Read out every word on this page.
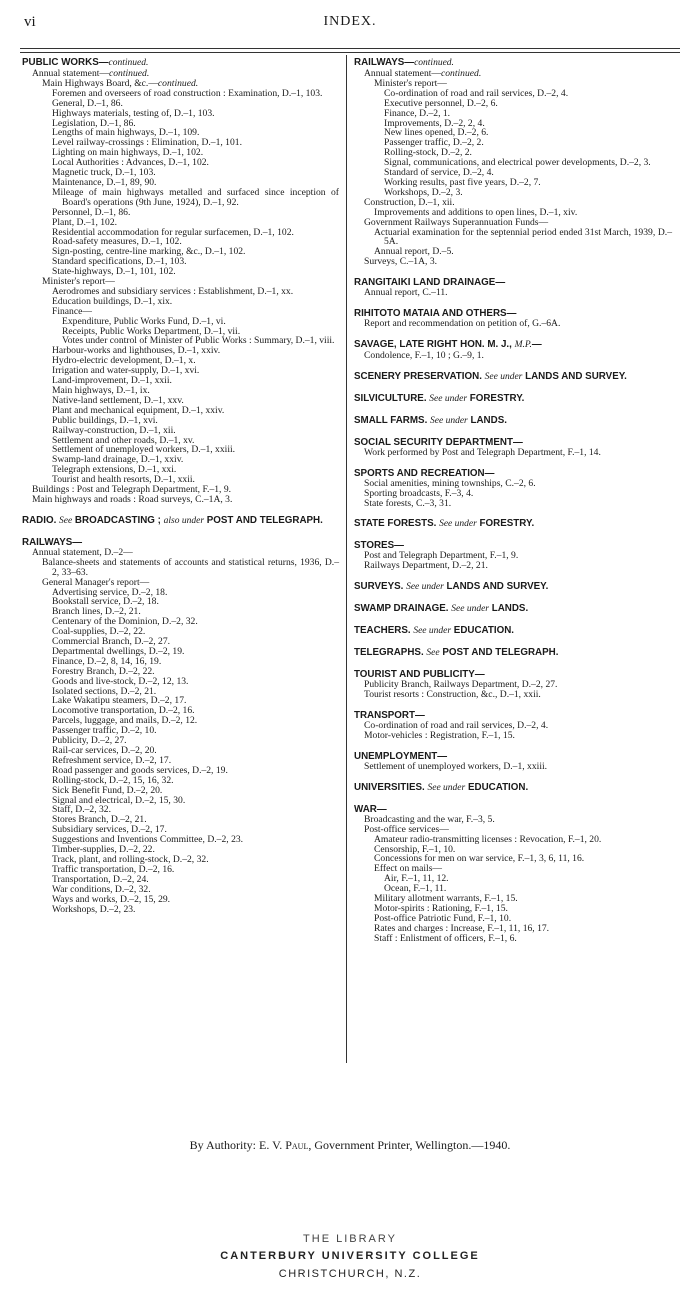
vi	INDEX.
PUBLIC WORKS—continued.
Annual statement—continued.
Main Highways Board, &c.—continued.
Foremen and overseers of road construction : Examination, D.–1, 103.
General, D.–1, 86.
Highways materials, testing of, D.–1, 103.
Legislation, D.–1, 86.
Lengths of main highways, D.–1, 109.
Level railway-crossings : Elimination, D.–1, 101.
Lighting on main highways, D.–1, 102.
Local Authorities : Advances, D.–1, 102.
Magnetic truck, D.–1, 103.
Maintenance, D.–1, 89, 90.
Mileage of main highways metalled and surfaced since inception of Board's operations (9th June, 1924), D.–1, 92.
Personnel, D.–1, 86.
Plant, D.–1, 102.
Residential accommodation for regular surfacemen, D.–1, 102.
Road-safety measures, D.–1, 102.
Sign-posting, centre-line marking, &c., D.–1, 102.
Standard specifications, D.–1, 103.
State-highways, D.–1, 101, 102.
Minister's report—
Aerodromes and subsidiary services : Establishment, D.–1, xx.
Education buildings, D.–1, xix.
Finance—
Expenditure, Public Works Fund, D.–1, vi.
Receipts, Public Works Department, D.–1, vii.
Votes under control of Minister of Public Works : Summary, D.–1, viii.
Harbour-works and lighthouses, D.–1, xxiv.
Hydro-electric development, D.–1, x.
Irrigation and water-supply, D.–1, xvi.
Land-improvement, D.–1, xxii.
Main highways, D.–1, ix.
Native-land settlement, D.–1, xxv.
Plant and mechanical equipment, D.–1, xxiv.
Public buildings, D.–1, xvi.
Railway-construction, D.–1, xii.
Settlement and other roads, D.–1, xv.
Settlement of unemployed workers, D.–1, xxiii.
Swamp-land drainage, D.–1, xxiv.
Telegraph extensions, D.–1, xxi.
Tourist and health resorts, D.–1, xxii.
Buildings : Post and Telegraph Department, F.–1, 9.
Main highways and roads : Road surveys, C.–1A, 3.
RADIO. See BROADCASTING ; also under POST AND TELEGRAPH.
RAILWAYS—
Annual statement, D.–2—
Balance-sheets and statements of accounts and statistical returns, 1936, D.–2, 33–63.
General Manager's report—
Advertising service, D.–2, 18.
Bookstall service, D.–2, 18.
Branch lines, D.–2, 21.
Centenary of the Dominion, D.–2, 32.
Coal-supplies, D.–2, 22.
Commercial Branch, D.–2, 27.
Departmental dwellings, D.–2, 19.
Finance, D.–2, 8, 14, 16, 19.
Forestry Branch, D.–2, 22.
Goods and live-stock, D.–2, 12, 13.
Isolated sections, D.–2, 21.
Lake Wakatipu steamers, D.–2, 17.
Locomotive transportation, D.–2, 16.
Parcels, luggage, and mails, D.–2, 12.
Passenger traffic, D.–2, 10.
Publicity, D.–2, 27.
Rail-car services, D.–2, 20.
Refreshment service, D.–2, 17.
Road passenger and goods services, D.–2, 19.
Rolling-stock, D.–2, 15, 16, 32.
Sick Benefit Fund, D.–2, 20.
Signal and electrical, D.–2, 15, 30.
Staff, D.–2, 32.
Stores Branch, D.–2, 21.
Subsidiary services, D.–2, 17.
Suggestions and Inventions Committee, D.–2, 23.
Timber-supplies, D.–2, 22.
Track, plant, and rolling-stock, D.–2, 32.
Traffic transportation, D.–2, 16.
Transportation, D.–2, 24.
War conditions, D.–2, 32.
Ways and works, D.–2, 15, 29.
Workshops, D.–2, 23.
RAILWAYS—continued.
Annual statement—continued.
Minister's report—
Co-ordination of road and rail services, D.–2, 4.
Executive personnel, D.–2, 6.
Finance, D.–2, 1.
Improvements, D.–2, 2, 4.
New lines opened, D.–2, 6.
Passenger traffic, D.–2, 2.
Rolling-stock, D.–2, 2.
Signal, communications, and electrical power developments, D.–2, 3.
Standard of service, D.–2, 4.
Working results, past five years, D.–2, 7.
Workshops, D.–2, 3.
Construction, D.–1, xii.
Improvements and additions to open lines, D.–1, xiv.
Government Railways Superannuation Funds—
Actuarial examination for the septennial period ended 31st March, 1939, D.–5A.
Annual report, D.–5.
Surveys, C.–1A, 3.
RANGITAIKI LAND DRAINAGE—
Annual report, C.–11.
RIHITOTO MATAIA AND OTHERS—
Report and recommendation on petition of, G.–6A.
SAVAGE, LATE RIGHT HON. M. J., M.P.—
Condolence, F.–1, 10 ; G.–9, 1.
SCENERY PRESERVATION. See under LANDS AND SURVEY.
SILVICULTURE. See under FORESTRY.
SMALL FARMS. See under LANDS.
SOCIAL SECURITY DEPARTMENT—
Work performed by Post and Telegraph Department, F.–1, 14.
SPORTS AND RECREATION—
Social amenities, mining townships, C.–2, 6.
Sporting broadcasts, F.–3, 4.
State forests, C.–3, 31.
STATE FORESTS. See under FORESTRY.
STORES—
Post and Telegraph Department, F.–1, 9.
Railways Department, D.–2, 21.
SURVEYS. See under LANDS AND SURVEY.
SWAMP DRAINAGE. See under LANDS.
TEACHERS. See under EDUCATION.
TELEGRAPHS. See POST AND TELEGRAPH.
TOURIST AND PUBLICITY—
Publicity Branch, Railways Department, D.–2, 27.
Tourist resorts : Construction, &c., D.–1, xxii.
TRANSPORT—
Co-ordination of road and rail services, D.–2, 4.
Motor-vehicles : Registration, F.–1, 15.
UNEMPLOYMENT—
Settlement of unemployed workers, D.–1, xxiii.
UNIVERSITIES. See under EDUCATION.
WAR—
Broadcasting and the war, F.–3, 5.
Post-office services—
Amateur radio-transmitting licenses : Revocation, F.–1, 20.
Censorship, F.–1, 10.
Concessions for men on war service, F.–1, 3, 6, 11, 16.
Effect on mails—
Air, F.–1, 11, 12.
Ocean, F.–1, 11.
Military allotment warrants, F.–1, 15.
Motor-spirits : Rationing, F.–1, 15.
Post-office Patriotic Fund, F.–1, 10.
Rates and charges : Increase, F.–1, 11, 16, 17.
Staff : Enlistment of officers, F.–1, 6.
By Authority: E. V. Paul, Government Printer, Wellington.—1940.
THE LIBRARY
CANTERBURY UNIVERSITY COLLEGE
CHRISTCHURCH, N.Z.
